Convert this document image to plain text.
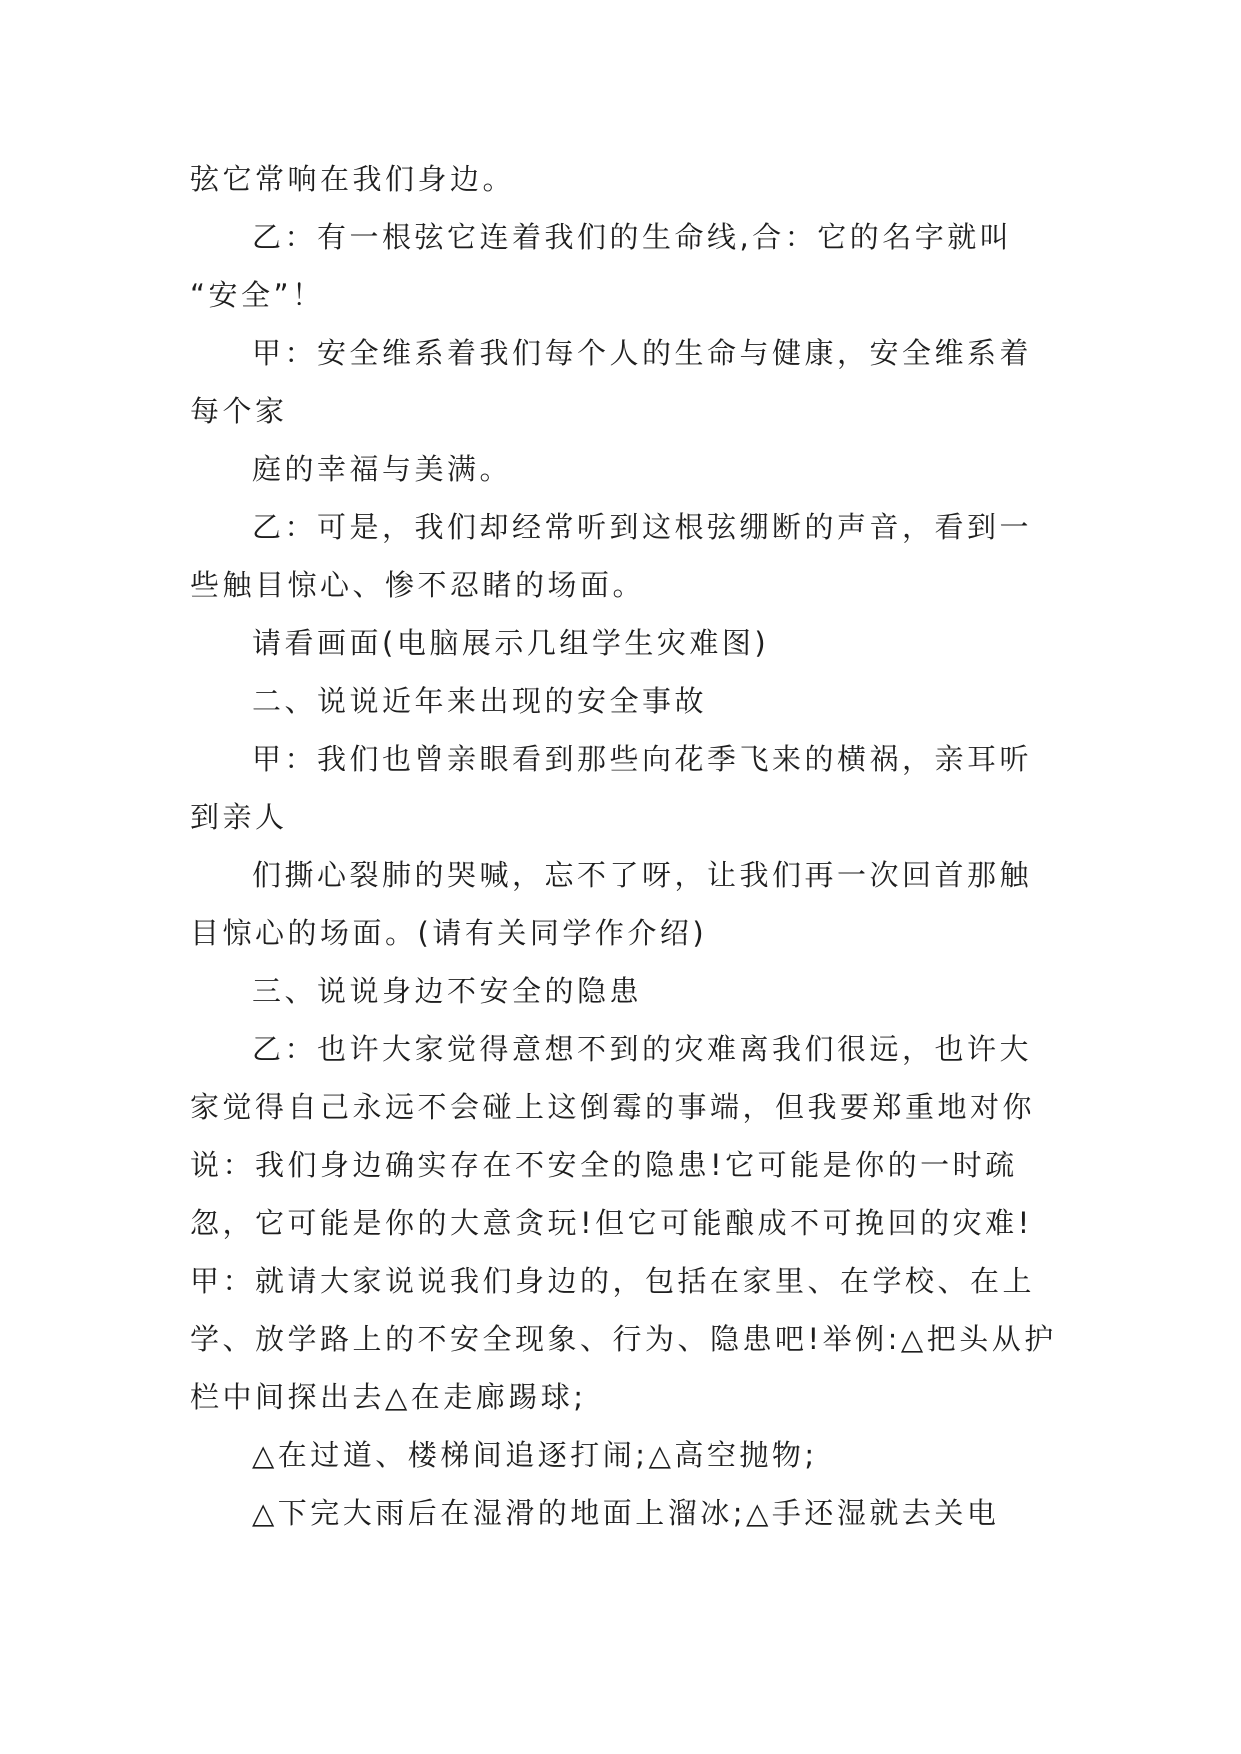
弦它常响在我们身边。
乙：有一根弦它连着我们的生命线,合：它的名字就叫
“安全”！
甲：安全维系着我们每个人的生命与健康，安全维系着
每个家
庭的幸福与美满。
乙：可是，我们却经常听到这根弦绷断的声音，看到一
些触目惊心、惨不忍睹的场面。
请看画面(电脑展示几组学生灾难图)
二、说说近年来出现的安全事故
甲：我们也曾亲眼看到那些向花季飞来的横祸，亲耳听
到亲人
们撕心裂肺的哭喊，忘不了呀，让我们再一次回首那触
目惊心的场面。(请有关同学作介绍)
三、说说身边不安全的隐患
乙：也许大家觉得意想不到的灾难离我们很远，也许大
家觉得自己永远不会碰上这倒霉的事端，但我要郑重地对你
说：我们身边确实存在不安全的隐患!它可能是你的一时疏
忽，它可能是你的大意贪玩!但它可能酿成不可挽回的灾难!
甲：就请大家说说我们身边的，包括在家里、在学校、在上
学、放学路上的不安全现象、行为、隐患吧!举例:△把头从护
栏中间探出去△在走廊踢球;
△在过道、楼梯间追逐打闹;△高空抛物;
△下完大雨后在湿滑的地面上溜冰;△手还湿就去关电
